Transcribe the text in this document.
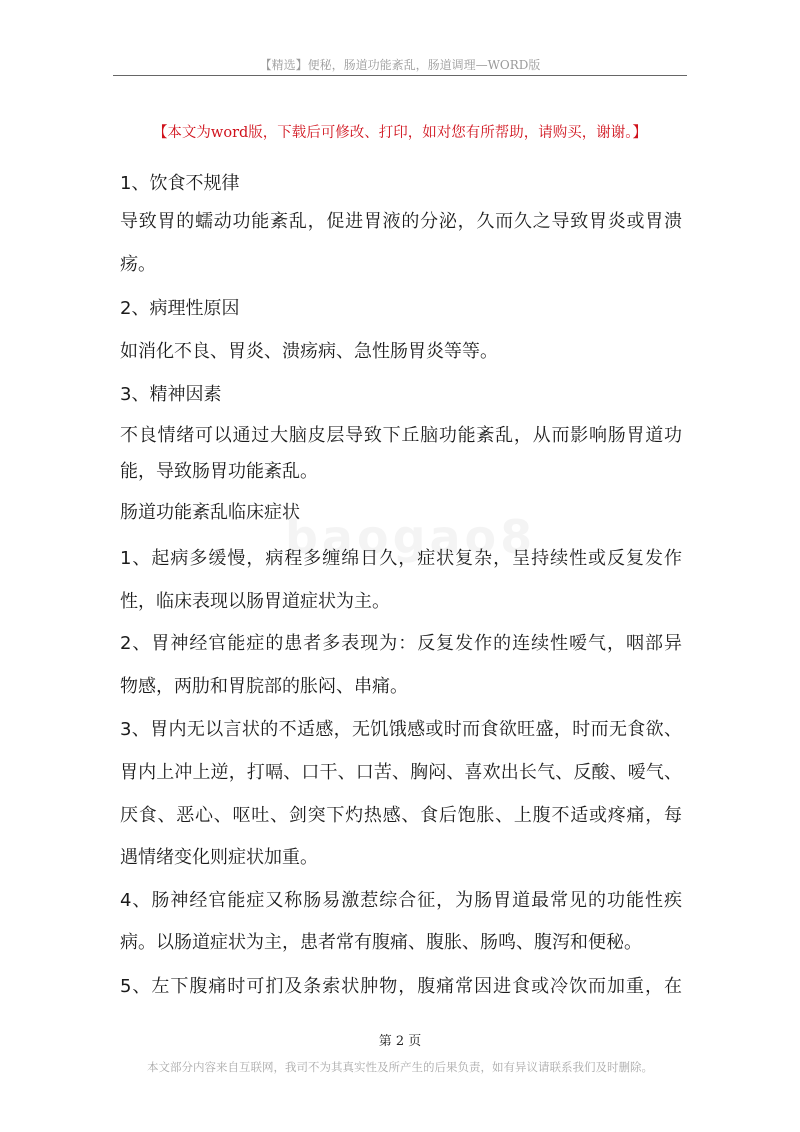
【精选】便秘，肠道功能紊乱，肠道调理—WORD版
【本文为word版，下载后可修改、打印，如对您有所帮助，请购买，谢谢。】
1、饮食不规律
导致胃的蠕动功能紊乱，促进胃液的分泌，久而久之导致胃炎或胃溃
疡。
2、病理性原因
如消化不良、胃炎、溃疡病、急性肠胃炎等等。
3、精神因素
不良情绪可以通过大脑皮层导致下丘脑功能紊乱，从而影响肠胃道功
能，导致肠胃功能紊乱。
肠道功能紊乱临床症状
1、起病多缓慢，病程多缠绵日久，症状复杂，呈持续性或反复发作
性，临床表现以肠胃道症状为主。
2、胃神经官能症的患者多表现为：反复发作的连续性嗳气，咽部异
物感，两肋和胃脘部的胀闷、串痛。
3、胃内无以言状的不适感，无饥饿感或时而食欲旺盛，时而无食欲、
胃内上冲上逆，打嗝、口干、口苦、胸闷、喜欢出长气、反酸、嗳气、
厌食、恶心、呕吐、剑突下灼热感、食后饱胀、上腹不适或疼痛，每
遇情绪变化则症状加重。
4、肠神经官能症又称肠易激惹综合征，为肠胃道最常见的功能性疾
病。以肠道症状为主，患者常有腹痛、腹胀、肠鸣、腹泻和便秘。
5、左下腹痛时可扪及条索状肿物，腹痛常因进食或冷饮而加重，在
第 2 页
本文部分内容来自互联网，我司不为其真实性及所产生的后果负责，如有异议请联系我们及时删除。
